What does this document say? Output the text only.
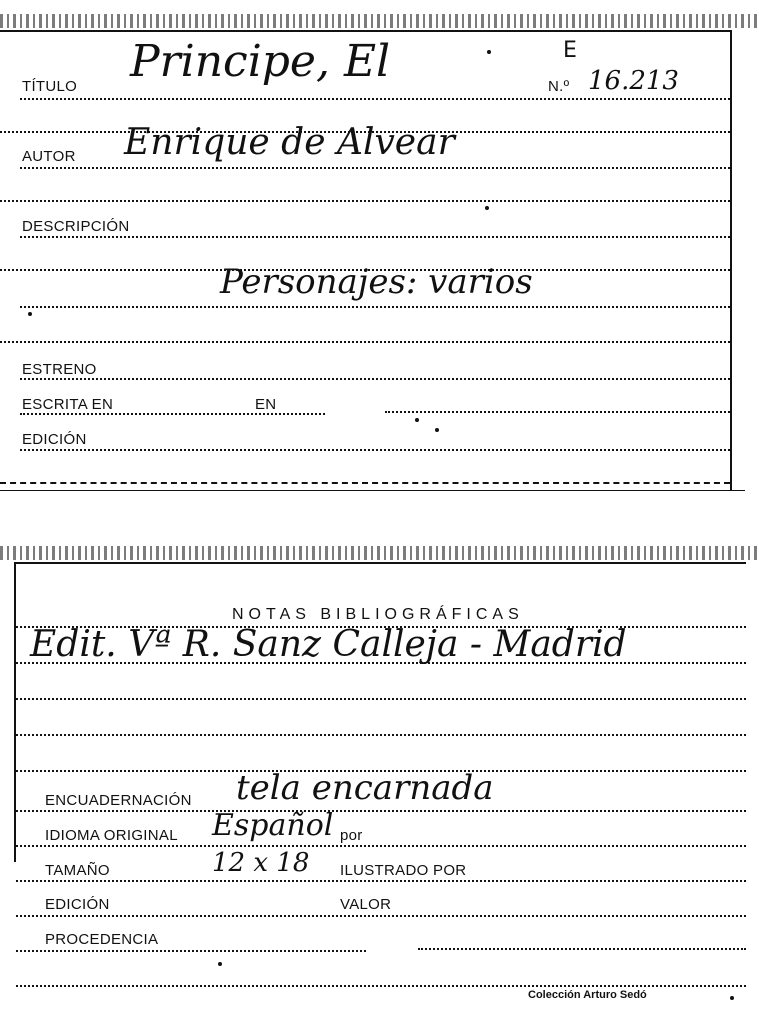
TÍTULO Principe, El	E
N.º 16.213
AUTOR Enrique de Alvear
DESCRIPCIÓN
Personajes: varios
ESTRENO
ESCRITA EN	EN
EDICIÓN
NOTAS BIBLIOGRÁFICAS
Edit. Vª R. Sanz Calleja - Madrid
ENCUADERNACIÓN tela encarnada
IDIOMA ORIGINAL Español por
TAMAÑO	12 x 18 ILUSTRADO POR
EDICIÓN	VALOR
PROCEDENCIA
Colección Arturo Sedó
